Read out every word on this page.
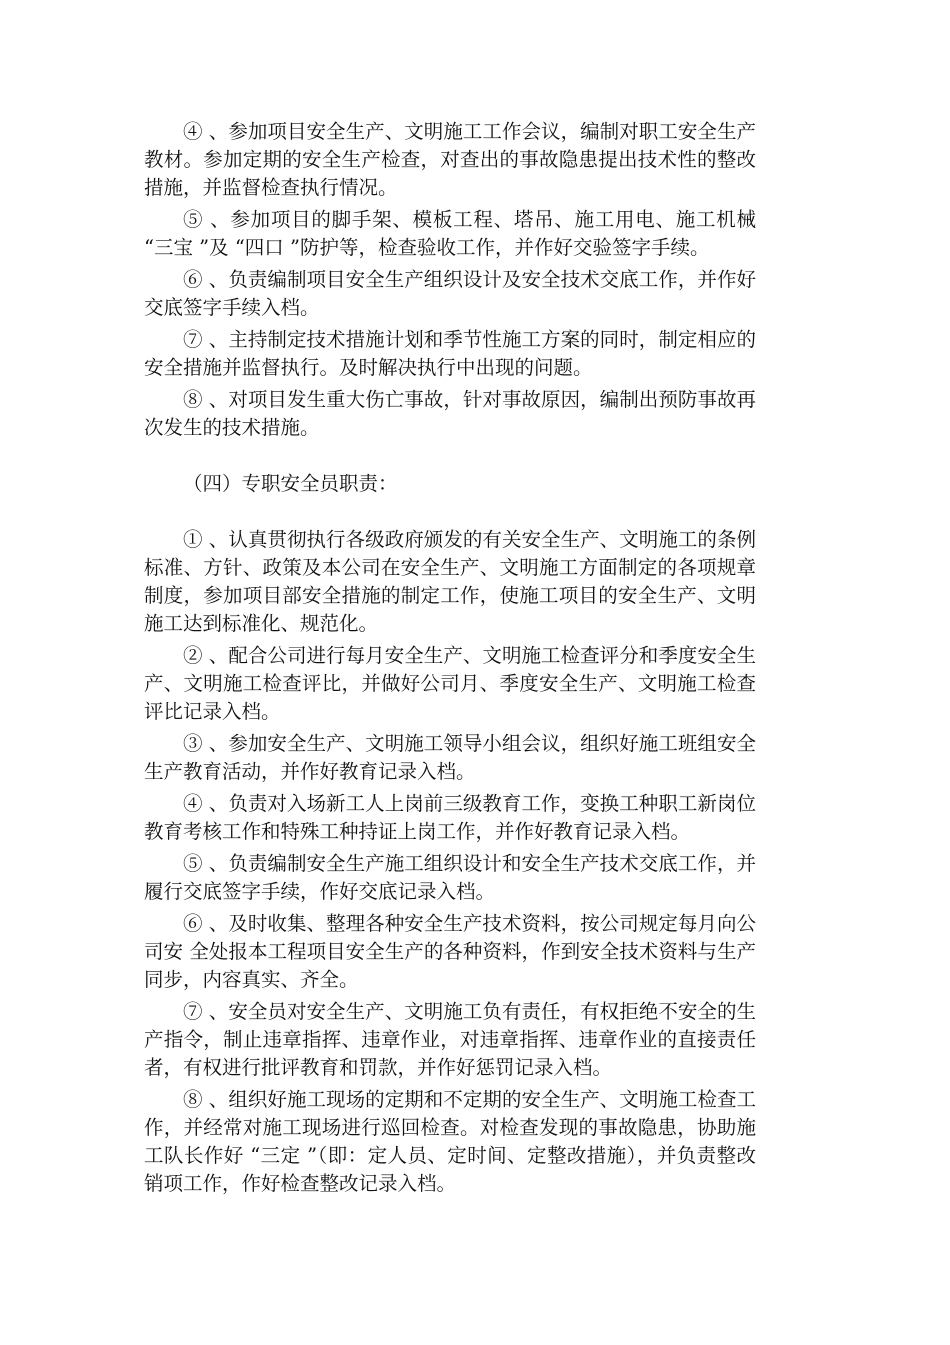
④ 、参加项目安全生产、文明施工工作会议，编制对职工安全生产教材。参加定期的安全生产检查，对查出的事故隐患提出技术性的整改措施，并监督检查执行情况。

⑤ 、参加项目的脚手架、模板工程、塔吊、施工用电、施工机械 “三宝 ”及 “四口 ”防护等，检查验收工作，并作好交验签字手续。

⑥ 、负责编制项目安全生产组织设计及安全技术交底工作，并作好交底签字手续入档。

⑦ 、主持制定技术措施计划和季节性施工方案的同时，制定相应的安全措施并监督执行。及时解决执行中出现的问题。

⑧ 、对项目发生重大伤亡事故，针对事故原因，编制出预防事故再次发生的技术措施。

（四）专职安全员职责：

① 、认真贯彻执行各级政府颁发的有关安全生产、文明施工的条例标准、方针、政策及本公司在安全生产、文明施工方面制定的各项规章制度，参加项目部安全措施的制定工作，使施工项目的安全生产、文明施工达到标准化、规范化。

② 、配合公司进行每月安全生产、文明施工检查评分和季度安全生产、文明施工检查评比，并做好公司月、季度安全生产、文明施工检查评比记录入档。

③ 、参加安全生产、文明施工领导小组会议，组织好施工班组安全生产教育活动，并作好教育记录入档。

④ 、负责对入场新工人上岗前三级教育工作，变换工种职工新岗位教育考核工作和特殊工种持证上岗工作，并作好教育记录入档。

⑤ 、负责编制安全生产施工组织设计和安全生产技术交底工作，并履行交底签字手续，作好交底记录入档。

⑥ 、及时收集、整理各种安全生产技术资料，按公司规定每月向公司安 全处报本工程项目安全生产的各种资料，作到安全技术资料与生产同步，内容真实、齐全。

⑦ 、安全员对安全生产、文明施工负有责任，有权拒绝不安全的生产指令，制止违章指挥、违章作业，对违章指挥、违章作业的直接责任者，有权进行批评教育和罚款，并作好惩罚记录入档。

⑧ 、组织好施工现场的定期和不定期的安全生产、文明施工检查工作，并经常对施工现场进行巡回检查。对检查发现的事故隐患，协助施工队长作好 “三定 ”（即：定人员、定时间、定整改措施），并负责整改销项工作，作好检查整改记录入档。
